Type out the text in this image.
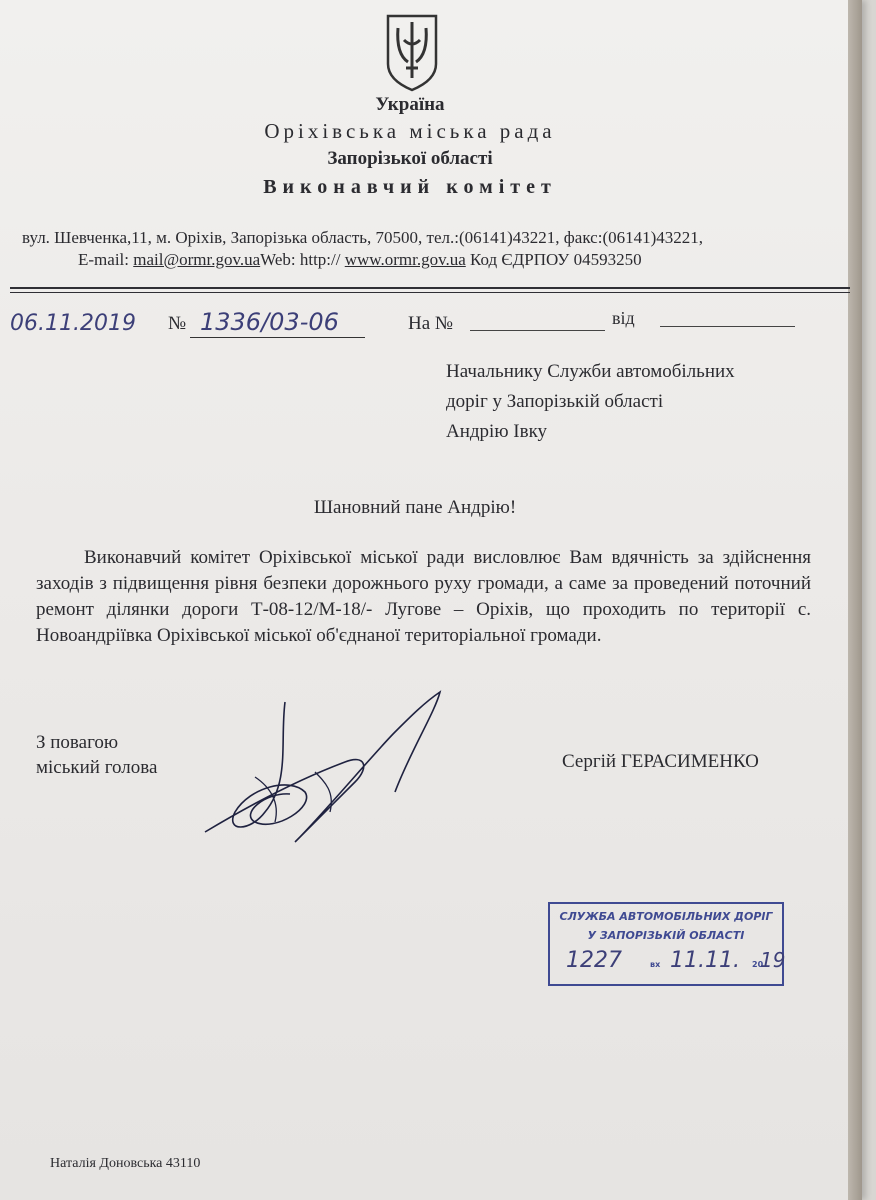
Україна
Оріхівська міська рада
Запорізької області
Виконавчий комітет
вул. Шевченка,11, м. Оріхів, Запорізька область, 70500, тел.:(06141)43221, факс:(06141)43221,
E-mail: mail@ormr.gov.uaWeb: http:// www.ormr.gov.ua Код ЄДРПОУ 04593250
06.11.2019 № 1336/03-06	На №	від
Начальнику Служби автомобільних
доріг у Запорізькій області
Андрію Івку
Шановний пане Андрію!
Виконавчий комітет Оріхівської міської ради висловлює Вам вдячність за здійснення заходів з підвищення рівня безпеки дорожнього руху громади, а саме за проведений поточний ремонт ділянки дороги Т-08-12/М-18/- Лугове – Оріхів, що проходить по території с. Новоандріївка Оріхівської міської об'єднаної територіальної громади.
З повагою
міський голова	Сергій ГЕРАСИМЕНКО
СЛУЖБА АВТОМОБІЛЬНИХ ДОРІГ
У ЗАПОРІЗЬКІЙ ОБЛАСТІ
1227	вх 11.11. 20
19
Наталія Доновська 43110
